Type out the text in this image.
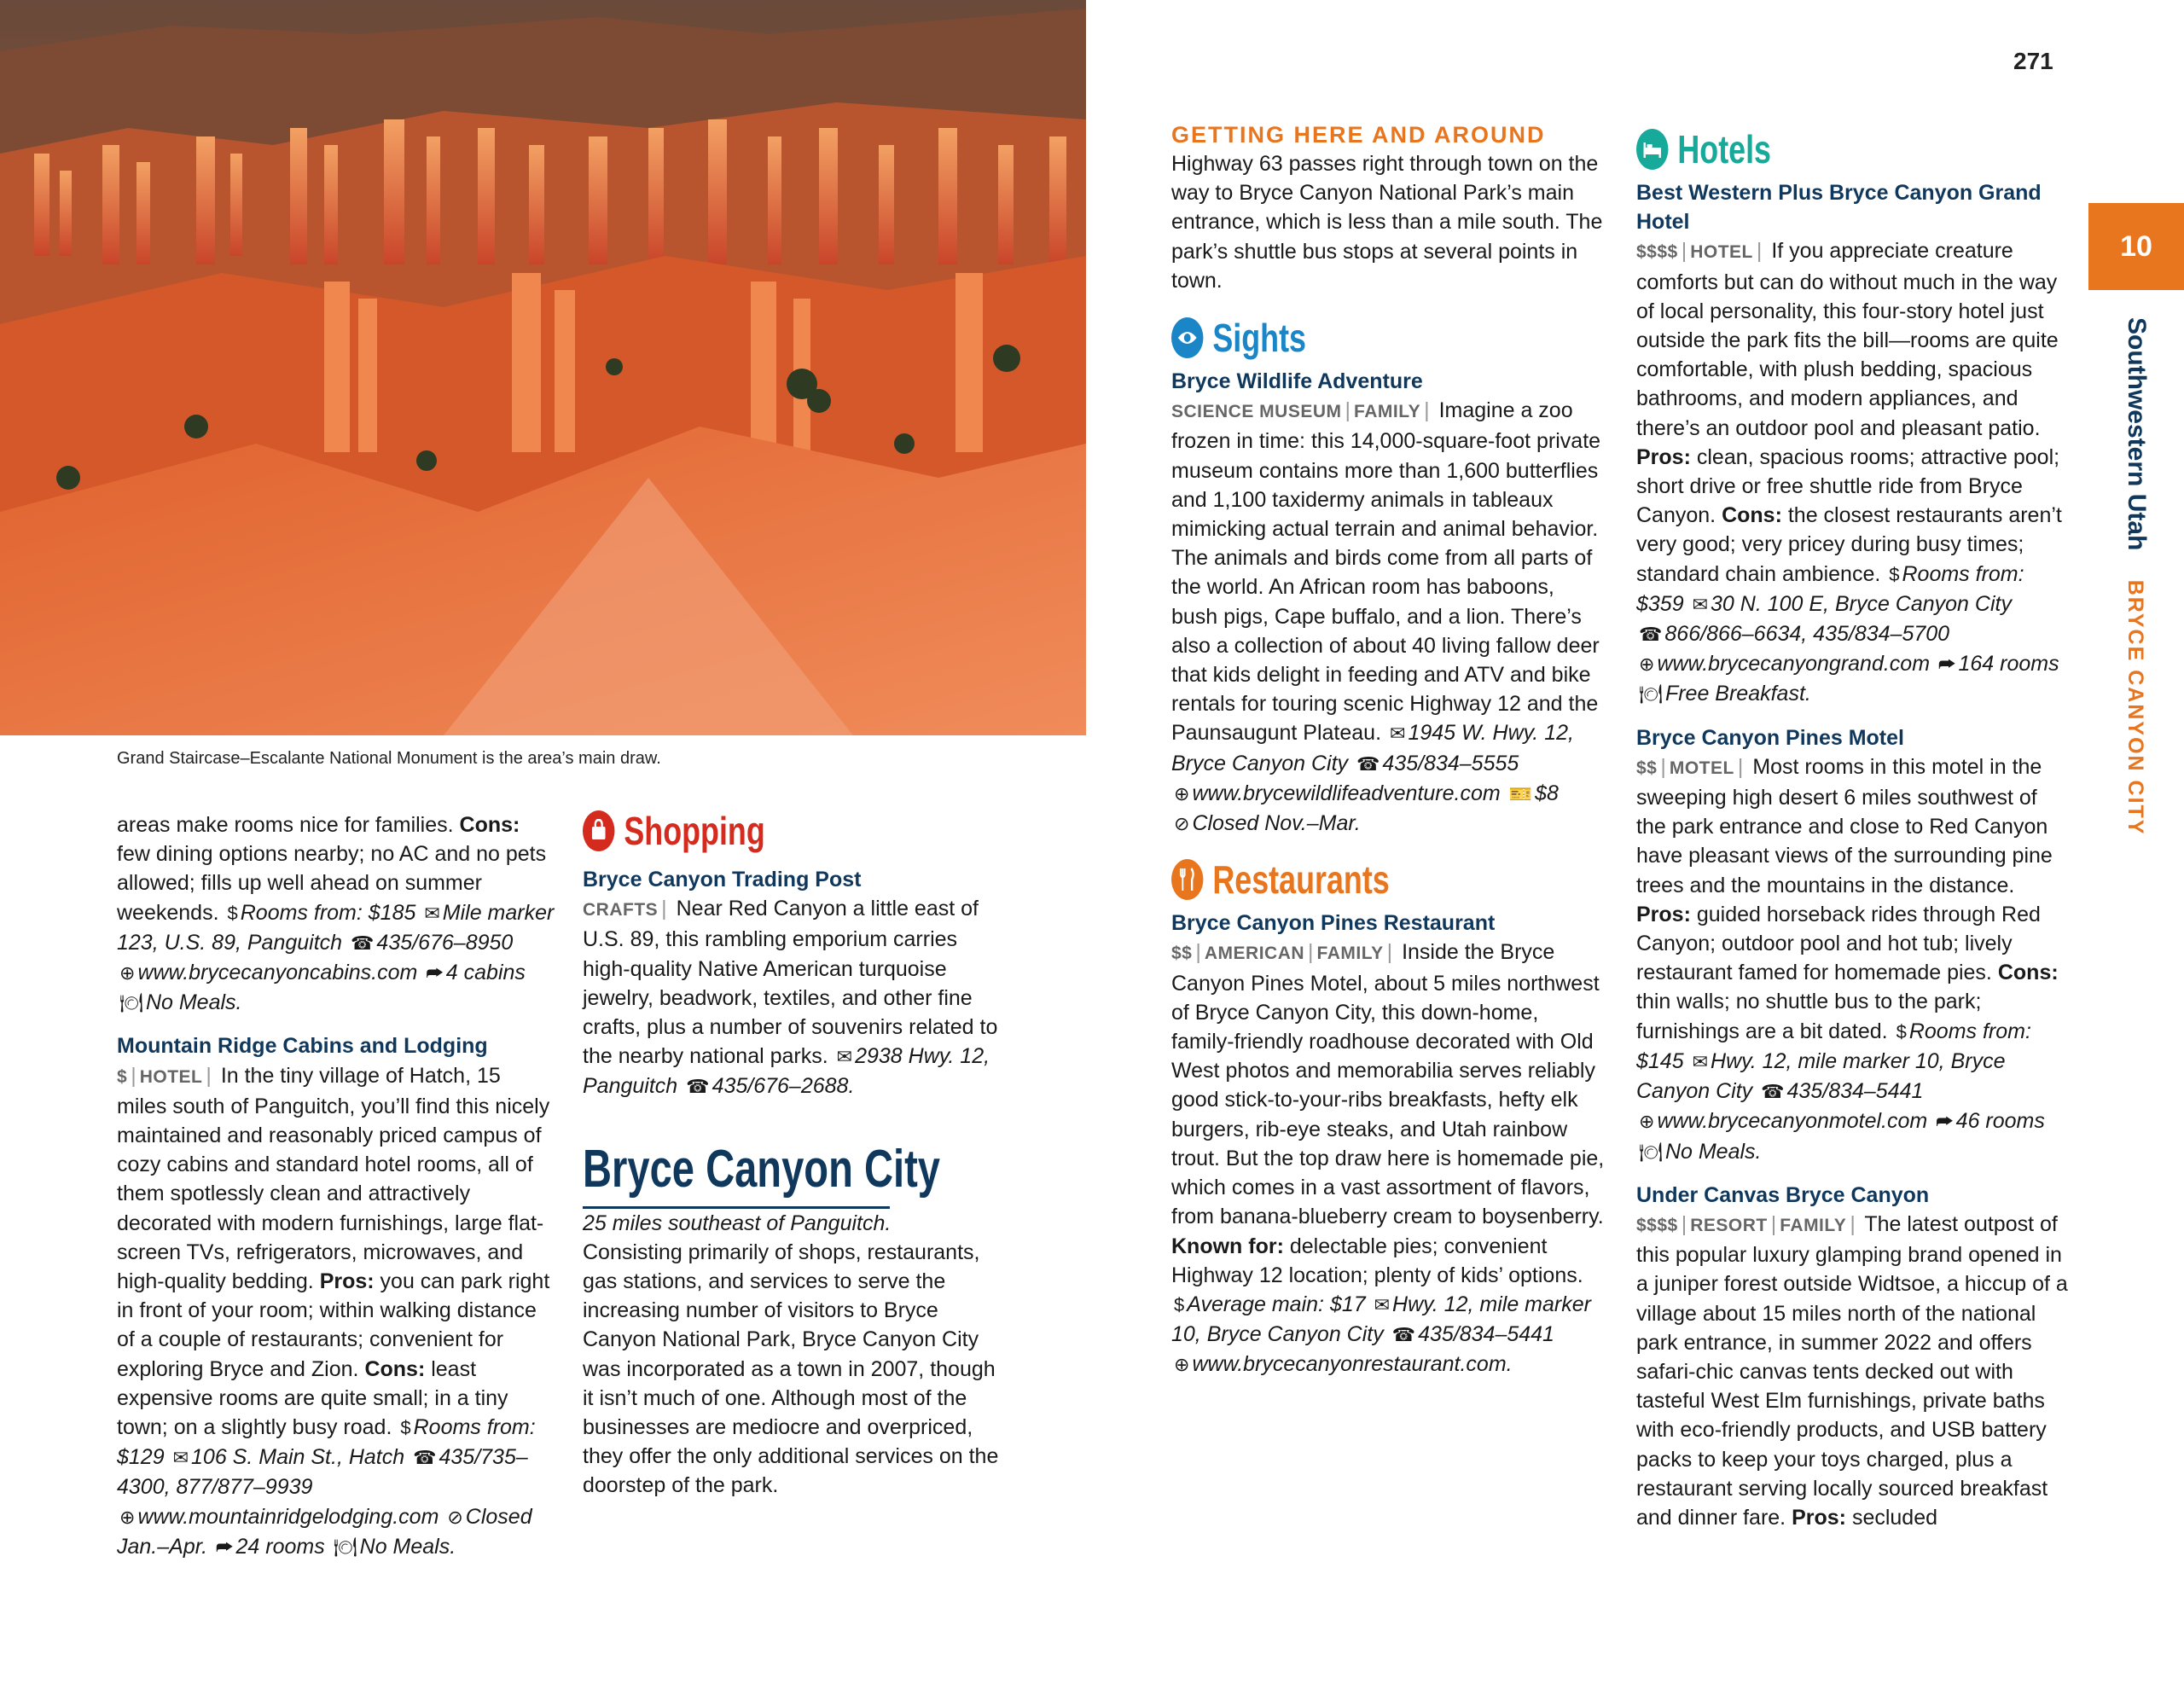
Grand Staircase–Escalante National Monument is the area’s main draw.
271

areas make rooms nice for families. Cons: few dining options nearby; no AC and no pets allowed; fills up well ahead on summer weekends. $ Rooms from: $185 ✉ Mile marker 123, U.S. 89, Panguitch ☎ 435/676–8950 ⊕ www.brycecanyoncabins.com ⮫ 4 cabins 🍽 No Meals.

Mountain Ridge Cabins and Lodging

$ | HOTEL | In the tiny village of Hatch, 15 miles south of Panguitch, you’ll find this nicely maintained and reasonably priced campus of cozy cabins and standard hotel rooms, all of them spotlessly clean and attractively decorated with modern furnishings, large flat-screen TVs, refrigerators, microwaves, and high-quality bedding. Pros: you can park right in front of your room; within walking distance of a couple of restaurants; convenient for exploring Bryce and Zion. Cons: least expensive rooms are quite small; in a tiny town; on a slightly busy road. $ Rooms from: $129 ✉ 106 S. Main St., Hatch ☎ 435/735–4300, 877/877–9939 ⊕ www.mountainridgelodging.com ⊘ Closed Jan.–Apr. ⮫ 24 rooms 🍽 No Meals.

Shopping
Bryce Canyon Trading Post

CRAFTS | Near Red Canyon a little east of U.S. 89, this rambling emporium carries high-quality Native American turquoise jewelry, beadwork, textiles, and other fine crafts, plus a number of souvenirs related to the nearby national parks. ✉ 2938 Hwy. 12, Panguitch ☎ 435/676–2688.

Bryce Canyon City

25 miles southeast of Panguitch.

Consisting primarily of shops, restaurants, gas stations, and services to serve the increasing number of visitors to Bryce Canyon National Park, Bryce Canyon City was incorporated as a town in 2007, though it isn’t much of one. Although most of the businesses are mediocre and overpriced, they offer the only additional services on the doorstep of the park.

GETTING HERE AND AROUND

Highway 63 passes right through town on the way to Bryce Canyon National Park’s main entrance, which is less than a mile south. The park’s shuttle bus stops at several points in town.

Sights
Bryce Wildlife Adventure

SCIENCE MUSEUM | FAMILY | Imagine a zoo frozen in time: this 14,000-square-foot private museum contains more than 1,600 butterflies and 1,100 taxidermy animals in tableaux mimicking actual terrain and animal behavior. The animals and birds come from all parts of the world. An African room has baboons, bush pigs, Cape buffalo, and a lion. There’s also a collection of about 40 living fallow deer that kids delight in feeding and ATV and bike rentals for touring scenic Highway 12 and the Paunsaugunt Plateau. ✉ 1945 W. Hwy. 12, Bryce Canyon City ☎ 435/834–5555 ⊕ www.brycewildlifeadventure.com 🎫 $8 ⊘ Closed Nov.–Mar.

Restaurants
Bryce Canyon Pines Restaurant

$$ | AMERICAN | FAMILY | Inside the Bryce Canyon Pines Motel, about 5 miles northwest of Bryce Canyon City, this down-home, family-friendly roadhouse decorated with Old West photos and memorabilia serves reliably good stick-to-your-ribs breakfasts, hefty elk burgers, rib-eye steaks, and Utah rainbow trout. But the top draw here is homemade pie, which comes in a vast assortment of flavors, from banana-blueberry cream to boysenberry. Known for: delectable pies; convenient Highway 12 location; plenty of kids’ options. $ Average main: $17 ✉ Hwy. 12, mile marker 10, Bryce Canyon City ☎ 435/834–5441 ⊕ www.brycecanyonrestaurant.com.

Hotels
Best Western Plus Bryce Canyon Grand Hotel

$$$$ | HOTEL | If you appreciate creature comforts but can do without much in the way of local personality, this four-story hotel just outside the park fits the bill—rooms are quite comfortable, with plush bedding, spacious bathrooms, and modern appliances, and there’s an outdoor pool and pleasant patio. Pros: clean, spacious rooms; attractive pool; short drive or free shuttle ride from Bryce Canyon. Cons: the closest restaurants aren’t very good; very pricey during busy times; standard chain ambience. $ Rooms from: $359 ✉ 30 N. 100 E, Bryce Canyon City ☎ 866/866–6634, 435/834–5700 ⊕ www.brycecanyongrand.com ⮫ 164 rooms 🍽 Free Breakfast.

Bryce Canyon Pines Motel

$$ | MOTEL | Most rooms in this motel in the sweeping high desert 6 miles southwest of the park entrance and close to Red Canyon have pleasant views of the surrounding pine trees and the mountains in the distance. Pros: guided horseback rides through Red Canyon; outdoor pool and hot tub; lively restaurant famed for homemade pies. Cons: thin walls; no shuttle bus to the park; furnishings are a bit dated. $ Rooms from: $145 ✉ Hwy. 12, mile marker 10, Bryce Canyon City ☎ 435/834–5441 ⊕ www.brycecanyonmotel.com ⮫ 46 rooms 🍽 No Meals.

Under Canvas Bryce Canyon

$$$$ | RESORT | FAMILY | The latest outpost of this popular luxury glamping brand opened in a juniper forest outside Widtsoe, a hiccup of a village about 15 miles north of the national park entrance, in summer 2022 and offers safari-chic canvas tents decked out with tasteful West Elm furnishings, private baths with eco-friendly products, and USB battery packs to keep your toys charged, plus a restaurant serving locally sourced breakfast and dinner fare. Pros: secluded

10
Southwestern Utah BRYCE CANYON CITY
